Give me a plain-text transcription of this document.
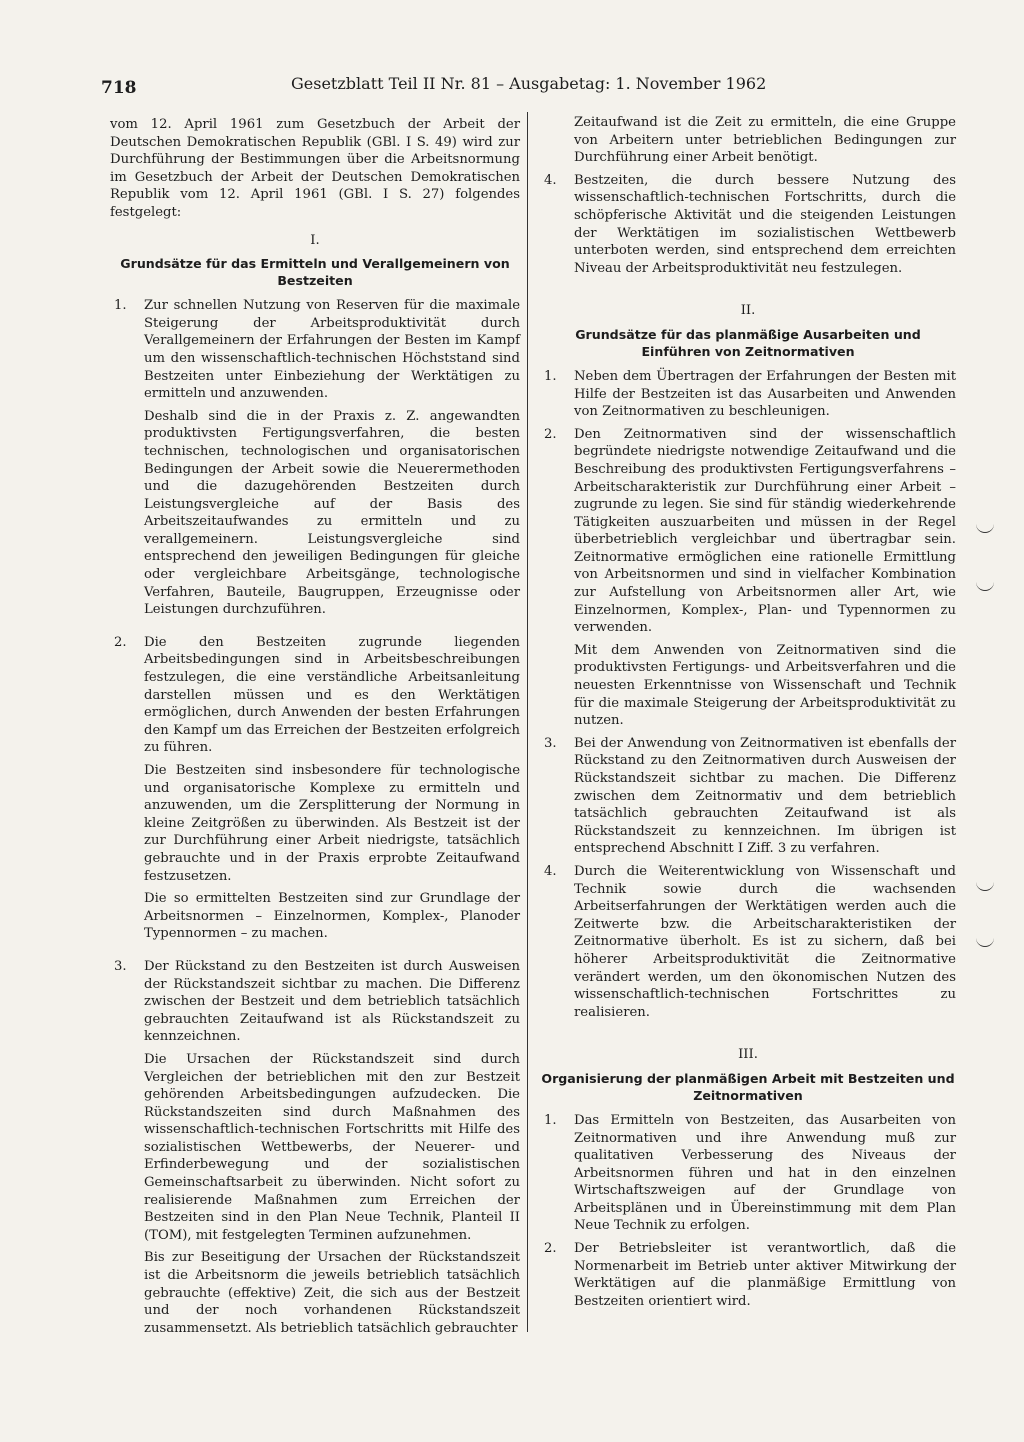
718	Gesetzblatt Teil II Nr. 81 – Ausgabetag: 1. November 1962

vom 12. April 1961 zum Gesetzbuch der Arbeit der Deutschen Demokratischen Republik (GBl. I S. 49) wird zur Durchführung der Bestimmungen über die Arbeitsnormung im Gesetzbuch der Arbeit der Deutschen Demokratischen Republik vom 12. April 1961 (GBl. I S. 27) folgendes festgelegt:

I.
Grundsätze für das Ermitteln und Verallgemeinern von Bestzeiten
1. Zur schnellen Nutzung von Reserven für die maximale Steigerung der Arbeitsproduktivität durch Verallgemeinern der Erfahrungen der Besten im Kampf um den wissenschaftlich-technischen Höchststand sind Bestzeiten unter Einbeziehung der Werktätigen zu ermitteln und anzuwenden.

Deshalb sind die in der Praxis z. Z. angewandten produktivsten Fertigungsverfahren, die besten technischen, technologischen und organisatorischen Bedingungen der Arbeit sowie die Neuerermethoden und die dazugehörenden Bestzeiten durch Leistungsvergleiche auf der Basis des Arbeitszeitaufwandes zu ermitteln und zu verallgemeinern. Leistungsvergleiche sind entsprechend den jeweiligen Bedingungen für gleiche oder vergleichbare Arbeitsgänge, technologische Verfahren, Bauteile, Baugruppen, Erzeugnisse oder Leistungen durchzuführen.

2. Die den Bestzeiten zugrunde liegenden Arbeitsbedingungen sind in Arbeitsbeschreibungen festzulegen, die eine verständliche Arbeitsanleitung darstellen müssen und es den Werktätigen ermöglichen, durch Anwenden der besten Erfahrungen den Kampf um das Erreichen der Bestzeiten erfolgreich zu führen.

Die Bestzeiten sind insbesondere für technologische und organisatorische Komplexe zu ermitteln und anzuwenden, um die Zersplitterung der Normung in kleine Zeitgrößen zu überwinden. Als Bestzeit ist der zur Durchführung einer Arbeit niedrigste, tatsächlich gebrauchte und in der Praxis erprobte Zeitaufwand festzusetzen.

Die so ermittelten Bestzeiten sind zur Grundlage der Arbeitsnormen – Einzelnormen, Komplex-, Planoder Typennormen – zu machen.

3. Der Rückstand zu den Bestzeiten ist durch Ausweisen der Rückstandszeit sichtbar zu machen. Die Differenz zwischen der Bestzeit und dem betrieblich tatsächlich gebrauchten Zeitaufwand ist als Rückstandszeit zu kennzeichnen.

Die Ursachen der Rückstandszeit sind durch Vergleichen der betrieblichen mit den zur Bestzeit gehörenden Arbeitsbedingungen aufzudecken. Die Rückstandszeiten sind durch Maßnahmen des wissenschaftlich-technischen Fortschritts mit Hilfe des sozialistischen Wettbewerbs, der Neuerer- und Erfinderbewegung und der sozialistischen Gemeinschaftsarbeit zu überwinden. Nicht sofort zu realisierende Maßnahmen zum Erreichen der Bestzeiten sind in den Plan Neue Technik, Planteil II (TOM), mit festgelegten Terminen aufzunehmen.

Bis zur Beseitigung der Ursachen der Rückstandszeit ist die Arbeitsnorm die jeweils betrieblich tatsächlich gebrauchte (effektive) Zeit, die sich aus der Bestzeit und der noch vorhandenen Rückstandszeit zusammensetzt. Als betrieblich tatsächlich gebrauchter

Zeitaufwand ist die Zeit zu ermitteln, die eine Gruppe von Arbeitern unter betrieblichen Bedingungen zur Durchführung einer Arbeit benötigt.

4. Bestzeiten, die durch bessere Nutzung des wissenschaftlich-technischen Fortschritts, durch die schöpferische Aktivität und die steigenden Leistungen der Werktätigen im sozialistischen Wettbewerb unterboten werden, sind entsprechend dem erreichten Niveau der Arbeitsproduktivität neu festzulegen.
II.
Grundsätze für das planmäßige Ausarbeiten und Einführen von Zeitnormativen
1. Neben dem Übertragen der Erfahrungen der Besten mit Hilfe der Bestzeiten ist das Ausarbeiten und Anwenden von Zeitnormativen zu beschleunigen.
2. Den Zeitnormativen sind der wissenschaftlich begründete niedrigste notwendige Zeitaufwand und die Beschreibung des produktivsten Fertigungsverfahrens – Arbeitscharakteristik zur Durchführung einer Arbeit – zugrunde zu legen. Sie sind für ständig wiederkehrende Tätigkeiten auszuarbeiten und müssen in der Regel überbetrieblich vergleichbar und übertragbar sein. Zeitnormative ermöglichen eine rationelle Ermittlung von Arbeitsnormen und sind in vielfacher Kombination zur Aufstellung von Arbeitsnormen aller Art, wie Einzelnormen, Komplex-, Plan- und Typennormen zu verwenden.

Mit dem Anwenden von Zeitnormativen sind die produktivsten Fertigungs- und Arbeitsverfahren und die neuesten Erkenntnisse von Wissenschaft und Technik für die maximale Steigerung der Arbeitsproduktivität zu nutzen.

3. Bei der Anwendung von Zeitnormativen ist ebenfalls der Rückstand zu den Zeitnormativen durch Ausweisen der Rückstandszeit sichtbar zu machen. Die Differenz zwischen dem Zeitnormativ und dem betrieblich tatsächlich gebrauchten Zeitaufwand ist als Rückstandszeit zu kennzeichnen. Im übrigen ist entsprechend Abschnitt I Ziff. 3 zu verfahren.
4. Durch die Weiterentwicklung von Wissenschaft und Technik sowie durch die wachsenden Arbeitserfahrungen der Werktätigen werden auch die Zeitwerte bzw. die Arbeitscharakteristiken der Zeitnormative überholt. Es ist zu sichern, daß bei höherer Arbeitsproduktivität die Zeitnormative verändert werden, um den ökonomischen Nutzen des wissenschaftlich-technischen Fortschrittes zu realisieren.
III.
Organisierung der planmäßigen Arbeit mit Bestzeiten und Zeitnormativen
1. Das Ermitteln von Bestzeiten, das Ausarbeiten von Zeitnormativen und ihre Anwendung muß zur qualitativen Verbesserung des Niveaus der Arbeitsnormen führen und hat in den einzelnen Wirtschaftszweigen auf der Grundlage von Arbeitsplänen und in Übereinstimmung mit dem Plan Neue Technik zu erfolgen.
2. Der Betriebsleiter ist verantwortlich, daß die Normenarbeit im Betrieb unter aktiver Mitwirkung der Werktätigen auf die planmäßige Ermittlung von Bestzeiten orientiert wird.
